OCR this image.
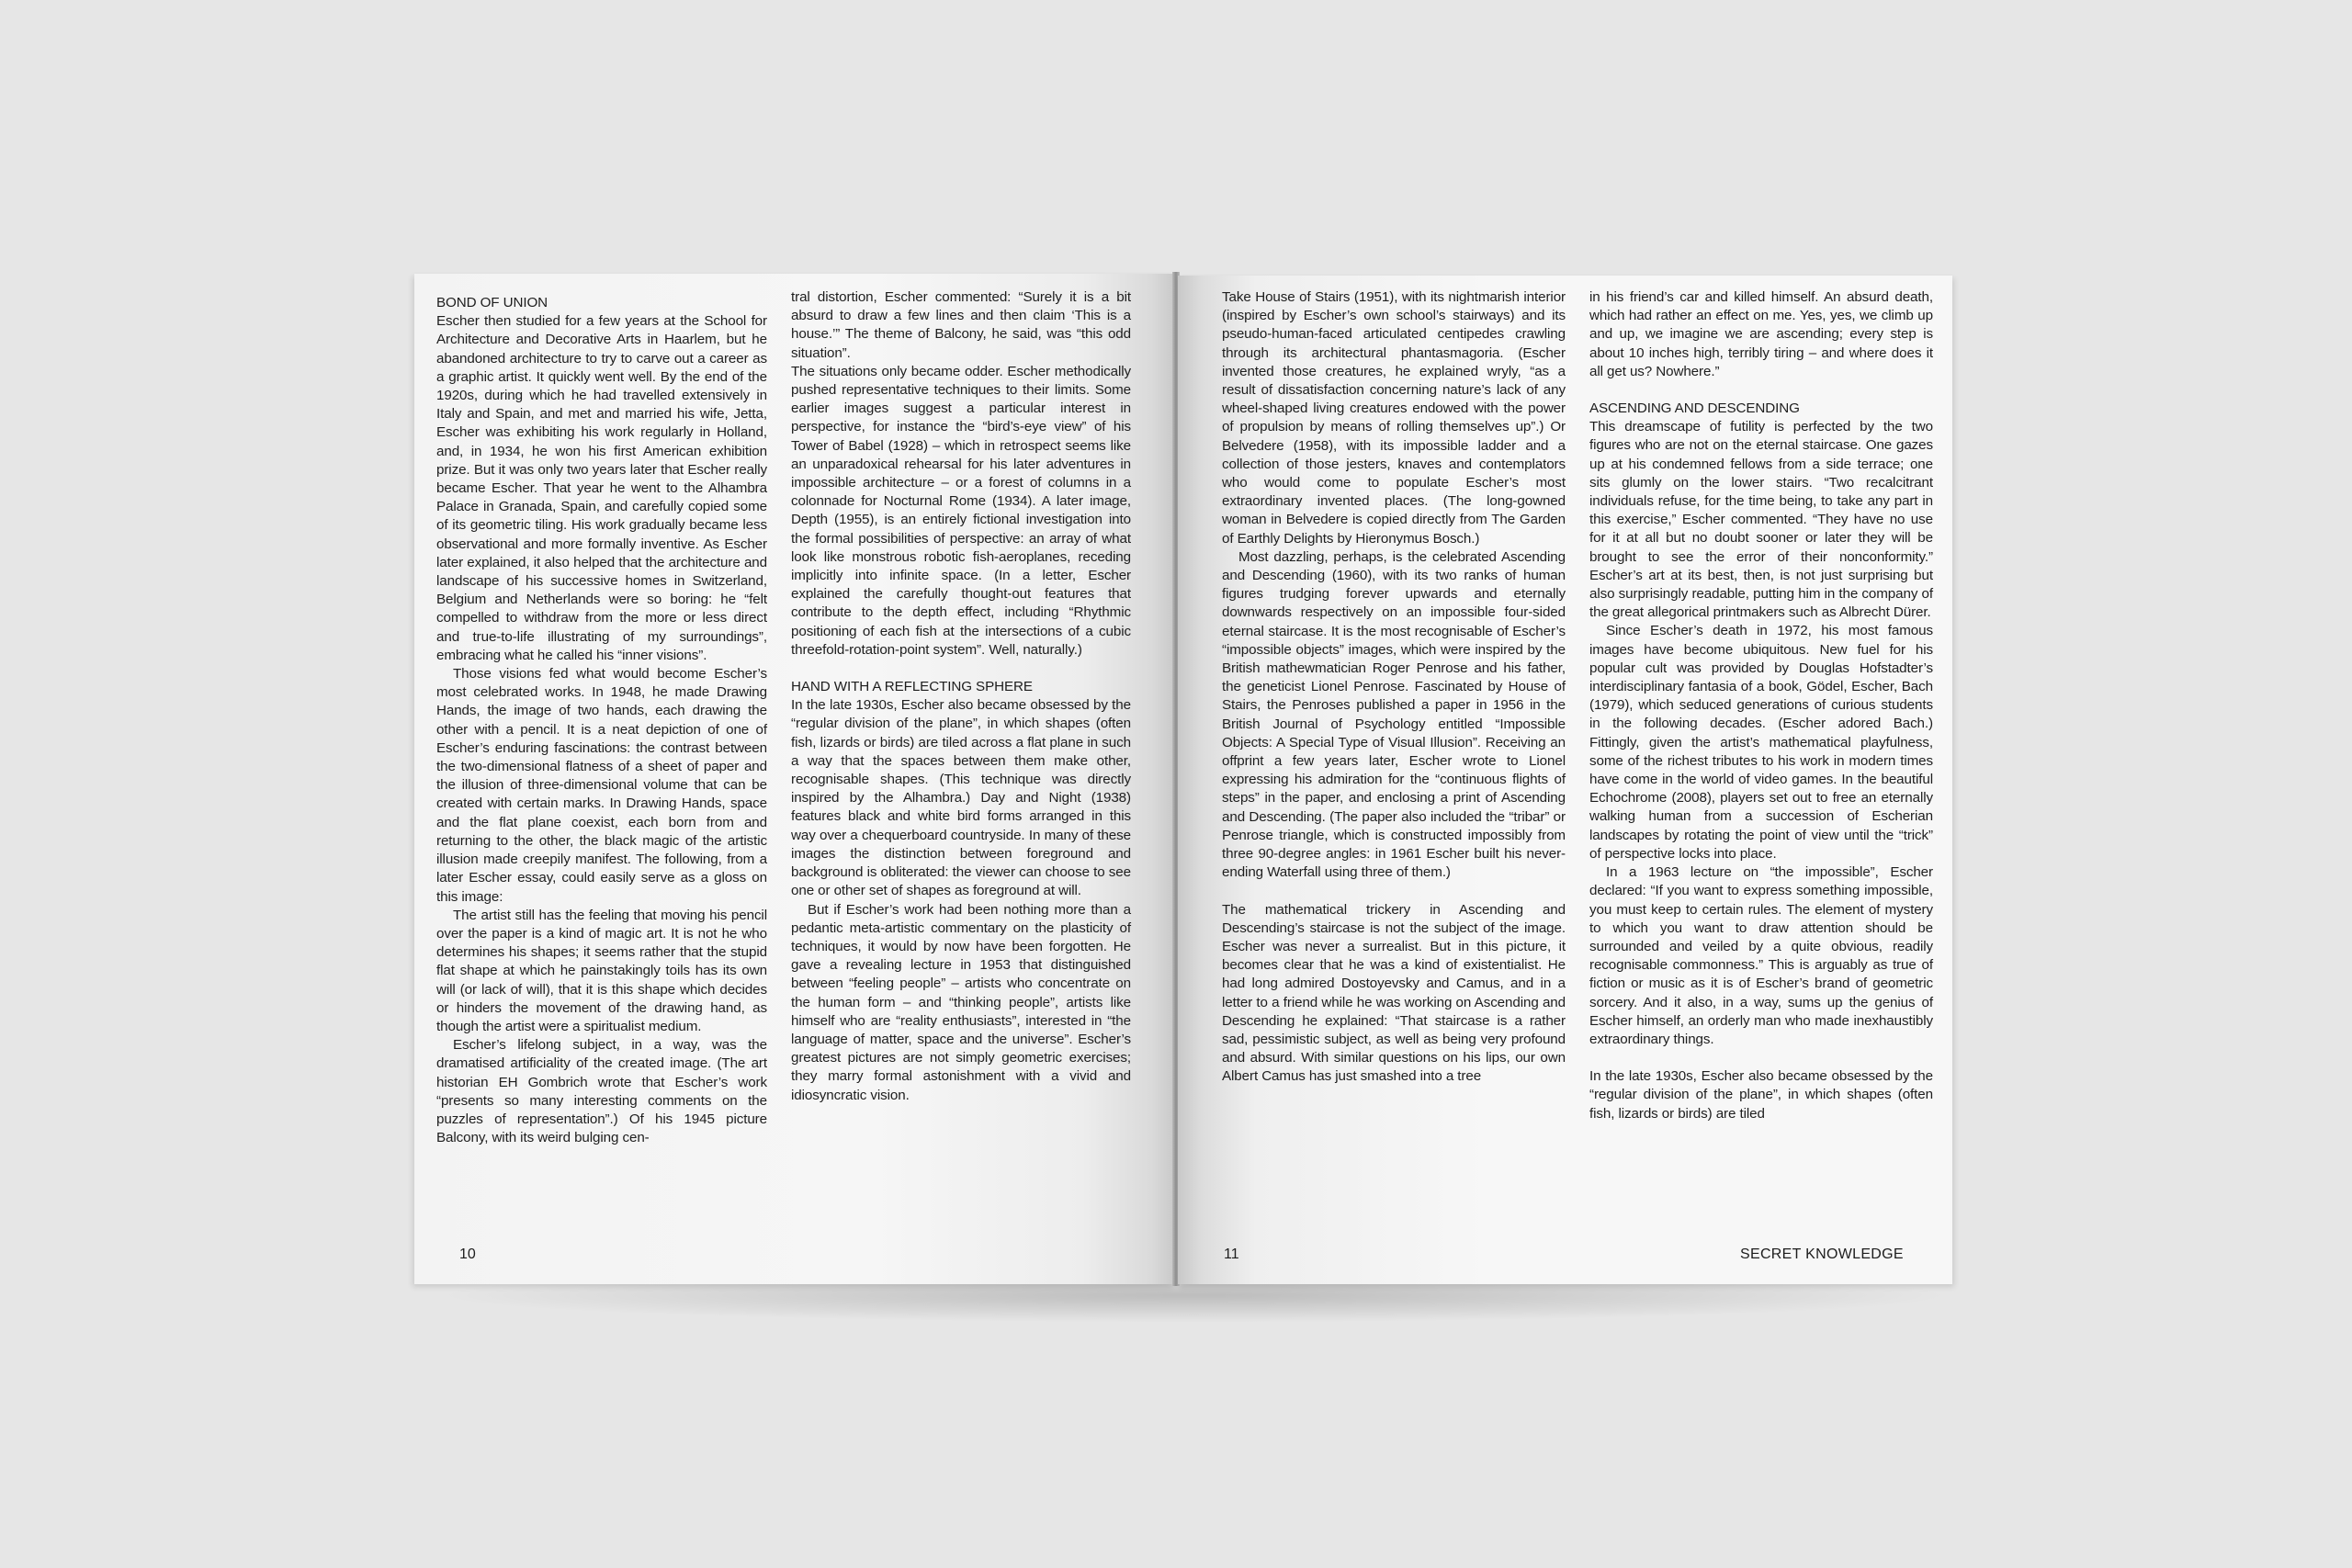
BOND OF UNION

Escher then studied for a few years at the School for Architecture and Decorative Arts in Haarlem, but he abandoned architecture to try to carve out a career as a graphic artist. It quickly went well. By the end of the 1920s, during which he had travelled extensively in Italy and Spain, and met and married his wife, Jetta, Escher was exhibiting his work regularly in Holland, and, in 1934, he won his first American exhibition prize. But it was only two years later that Escher really became Escher. That year he went to the Alhambra Palace in Granada, Spain, and carefully copied some of its geometric tiling. His work gradually became less observational and more formally inventive. As Escher later explained, it also helped that the architecture and landscape of his successive homes in Switzerland, Belgium and Netherlands were so boring: he “felt compelled to withdraw from the more or less direct and true-to-life illustrating of my surroundings”, embracing what he called his “inner visions”.

Those visions fed what would become Escher’s most celebrated works. In 1948, he made Drawing Hands, the image of two hands, each drawing the other with a pencil. It is a neat depiction of one of Escher’s enduring fascinations: the contrast between the two-dimensional flatness of a sheet of paper and the illusion of three-dimensional volume that can be created with certain marks. In Drawing Hands, space and the flat plane coexist, each born from and returning to the other, the black magic of the artistic illusion made creepily manifest. The following, from a later Escher essay, could easily serve as a gloss on this image:

The artist still has the feeling that moving his pencil over the paper is a kind of magic art. It is not he who determines his shapes; it seems rather that the stupid flat shape at which he painstakingly toils has its own will (or lack of will), that it is this shape which decides or hinders the movement of the drawing hand, as though the artist were a spiritualist medium.

Escher’s lifelong subject, in a way, was the dramatised artificiality of the created image. (The art historian EH Gombrich wrote that Escher’s work “presents so many interesting comments on the puzzles of representation”.) Of his 1945 picture Balcony, with its weird bulging cen-

tral distortion, Escher commented: “Surely it is a bit absurd to draw a few lines and then claim ‘This is a house.’” The theme of Balcony, he said, was “this odd situation”.

The situations only became odder. Escher methodically pushed representative techniques to their limits. Some earlier images suggest a particular interest in perspective, for instance the “bird’s-eye view” of his Tower of Babel (1928) – which in retrospect seems like an unparadoxical rehearsal for his later adventures in impossible architecture – or a forest of columns in a colonnade for Nocturnal Rome (1934). A later image, Depth (1955), is an entirely fictional investigation into the formal possibilities of perspective: an array of what look like monstrous robotic fish-aeroplanes, receding implicitly into infinite space. (In a letter, Escher explained the carefully thought-out features that contribute to the depth effect, including “Rhythmic positioning of each fish at the intersections of a cubic threefold-rotation-point system”. Well, naturally.)

HAND WITH A REFLECTING SPHERE

In the late 1930s, Escher also became obsessed by the “regular division of the plane”, in which shapes (often fish, lizards or birds) are tiled across a flat plane in such a way that the spaces between them make other, recognisable shapes. (This technique was directly inspired by the Alhambra.) Day and Night (1938) features black and white bird forms arranged in this way over a chequerboard countryside. In many of these images the distinction between foreground and background is obliterated: the viewer can choose to see one or other set of shapes as foreground at will.

But if Escher’s work had been nothing more than a pedantic meta-artistic commentary on the plasticity of techniques, it would by now have been forgotten. He gave a revealing lecture in 1953 that distinguished between “feeling people” – artists who concentrate on the human form – and “thinking people”, artists like himself who are “reality enthusiasts”, interested in “the language of matter, space and the universe”. Escher’s greatest pictures are not simply geometric exercises; they marry formal astonishment with a vivid and idiosyncratic vision.

10

Take House of Stairs (1951), with its nightmarish interior (inspired by Escher’s own school’s stairways) and its pseudo-human-faced articulated centipedes crawling through its architectural phantasmagoria. (Escher invented those creatures, he explained wryly, “as a result of dissatisfaction concerning nature’s lack of any wheel-shaped living creatures endowed with the power of propulsion by means of rolling themselves up”.) Or Belvedere (1958), with its impossible ladder and a collection of those jesters, knaves and contemplators who would come to populate Escher’s most extraordinary invented places. (The long-gowned woman in Belvedere is copied directly from The Garden of Earthly Delights by Hieronymus Bosch.)

Most dazzling, perhaps, is the celebrated Ascending and Descending (1960), with its two ranks of human figures trudging forever upwards and eternally downwards respectively on an impossible four-sided eternal staircase. It is the most recognisable of Escher’s “impossible objects” images, which were inspired by the British mathewmatician Roger Penrose and his father, the geneticist Lionel Penrose. Fascinated by House of Stairs, the Penroses published a paper in 1956 in the British Journal of Psychology entitled “Impossible Objects: A Special Type of Visual Illusion”. Receiving an offprint a few years later, Escher wrote to Lionel expressing his admiration for the “continuous flights of steps” in the paper, and enclosing a print of Ascending and Descending. (The paper also included the “tribar” or Penrose triangle, which is constructed impossibly from three 90-degree angles: in 1961 Escher built his never-ending Waterfall using three of them.)

The mathematical trickery in Ascending and Descending’s staircase is not the subject of the image. Escher was never a surrealist. But in this picture, it becomes clear that he was a kind of existentialist. He had long admired Dostoyevsky and Camus, and in a letter to a friend while he was working on Ascending and Descending he explained: “That staircase is a rather sad, pessimistic subject, as well as being very profound and absurd. With similar questions on his lips, our own Albert Camus has just smashed into a tree

in his friend’s car and killed himself. An absurd death, which had rather an effect on me. Yes, yes, we climb up and up, we imagine we are ascending; every step is about 10 inches high, terribly tiring – and where does it all get us? Nowhere.”

ASCENDING AND DESCENDING

This dreamscape of futility is perfected by the two figures who are not on the eternal staircase. One gazes up at his condemned fellows from a side terrace; one sits glumly on the lower stairs. “Two recalcitrant individuals refuse, for the time being, to take any part in this exercise,” Escher commented. “They have no use for it at all but no doubt sooner or later they will be brought to see the error of their nonconformity.” Escher’s art at its best, then, is not just surprising but also surprisingly readable, putting him in the company of the great allegorical printmakers such as Albrecht Dürer.

Since Escher’s death in 1972, his most famous images have become ubiquitous. New fuel for his popular cult was provided by Douglas Hofstadter’s interdisciplinary fantasia of a book, Gödel, Escher, Bach (1979), which seduced generations of curious students in the following decades. (Escher adored Bach.) Fittingly, given the artist’s mathematical playfulness, some of the richest tributes to his work in modern times have come in the world of video games. In the beautiful Echochrome (2008), players set out to free an eternally walking human from a succession of Escherian landscapes by rotating the point of view until the “trick” of perspective locks into place.

In a 1963 lecture on “the impossible”, Escher declared: “If you want to express something impossible, you must keep to certain rules. The element of mystery to which you want to draw attention should be surrounded and veiled by a quite obvious, readily recognisable commonness.” This is arguably as true of fiction or music as it is of Escher’s brand of geometric sorcery. And it also, in a way, sums up the genius of Escher himself, an orderly man who made inexhaustibly extraordinary things.

In the late 1930s, Escher also became obsessed by the “regular division of the plane”, in which shapes (often fish, lizards or birds) are tiled

11	SECRET KNOWLEDGE
